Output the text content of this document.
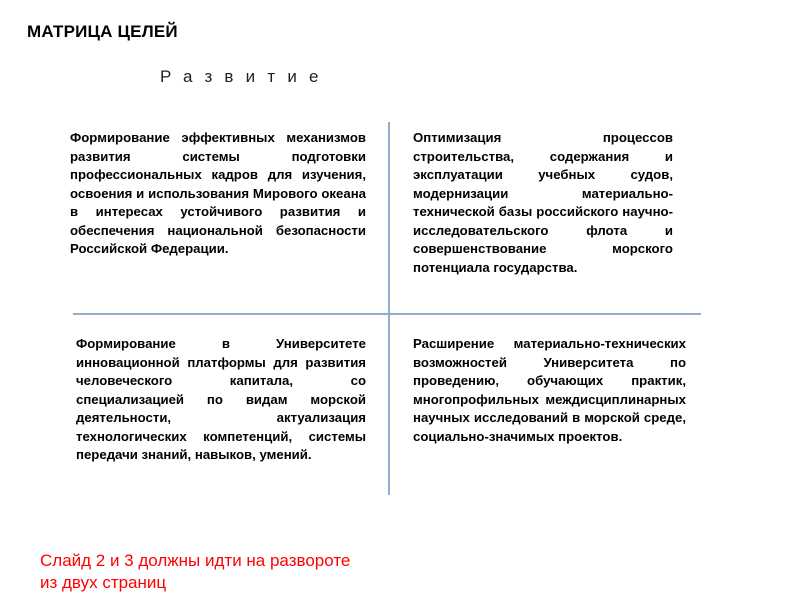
МАТРИЦА ЦЕЛЕЙ
Развитие
Формирование эффективных механизмов развития системы подготовки профессиональных кадров для изучения, освоения и использования Мирового океана в интересах устойчивого развития и обеспечения национальной безопасности Российской Федерации.
Оптимизация процессов строительства, содержания и эксплуатации учебных судов, модернизации материально-технической базы российского научно-исследовательского флота и совершенствование морского потенциала государства.
Формирование в Университете инновационной платформы для развития человеческого капитала, со специализацией по видам морской деятельности, актуализация технологических компетенций, системы передачи знаний, навыков, умений.
Расширение материально-технических возможностей Университета по проведению, обучающих практик, многопрофильных междисциплинарных научных исследований в морской среде, социально-значимых проектов.
Слайд 2 и 3 должны идти на развороте из двух страниц
